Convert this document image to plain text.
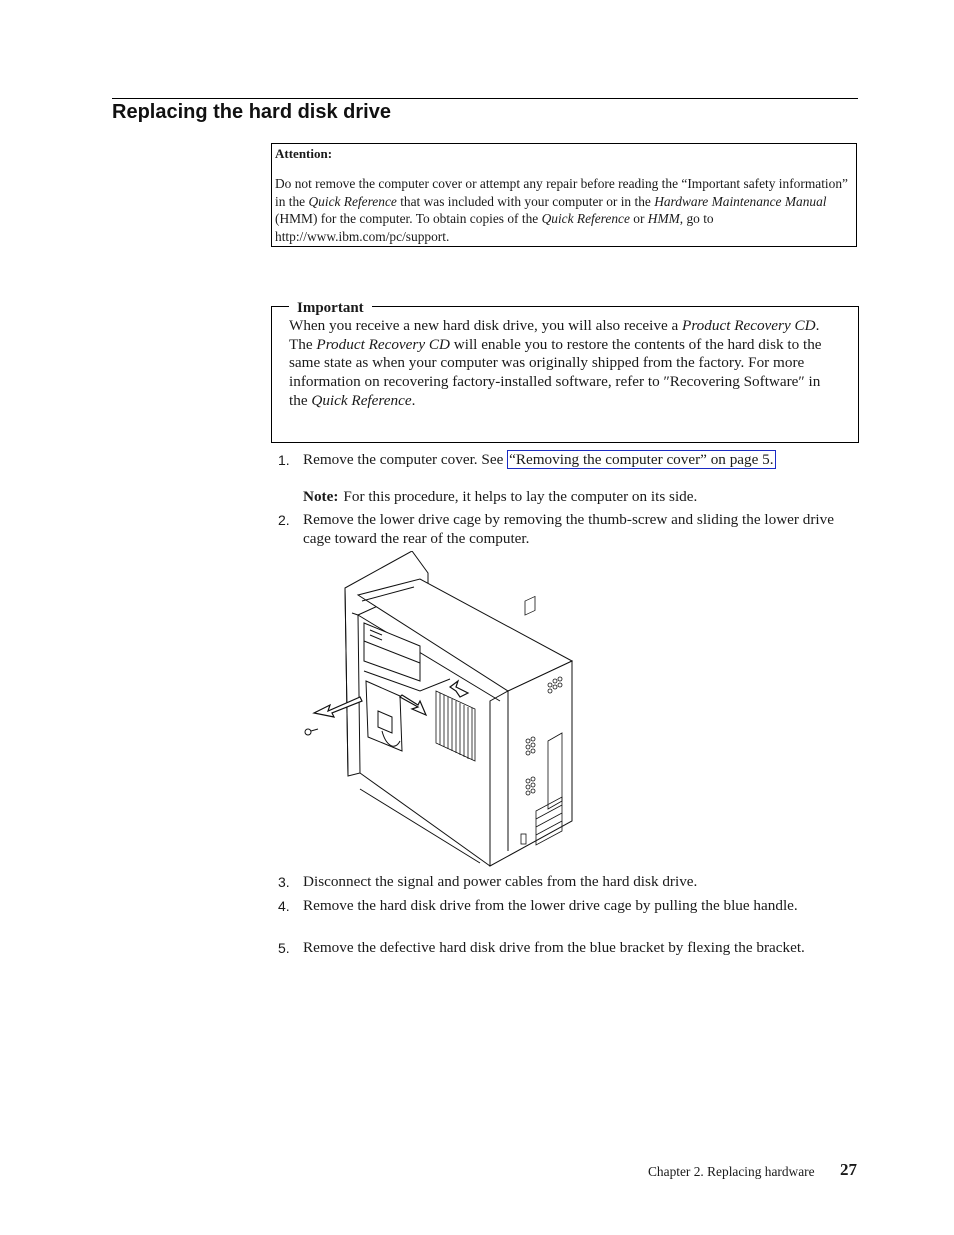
Replacing the hard disk drive
Attention:
Do not remove the computer cover or attempt any repair before reading the “Important safety information” in the Quick Reference that was included with your computer or in the Hardware Maintenance Manual (HMM) for the computer. To obtain copies of the Quick Reference or HMM, go to http://www.ibm.com/pc/support.
Important
When you receive a new hard disk drive, you will also receive a Product Recovery CD. The Product Recovery CD will enable you to restore the contents of the hard disk to the same state as when your computer was originally shipped from the factory. For more information on recovering factory-installed software, refer to ″Recovering Software″ in the Quick Reference.
1. Remove the computer cover. See “Removing the computer cover” on page 5.
Note: For this procedure, it helps to lay the computer on its side.
2. Remove the lower drive cage by removing the thumb-screw and sliding the lower drive cage toward the rear of the computer.
3. Disconnect the signal and power cables from the hard disk drive.
4. Remove the hard disk drive from the lower drive cage by pulling the blue handle.
5. Remove the defective hard disk drive from the blue bracket by flexing the bracket.
Chapter 2. Replacing hardware 27
